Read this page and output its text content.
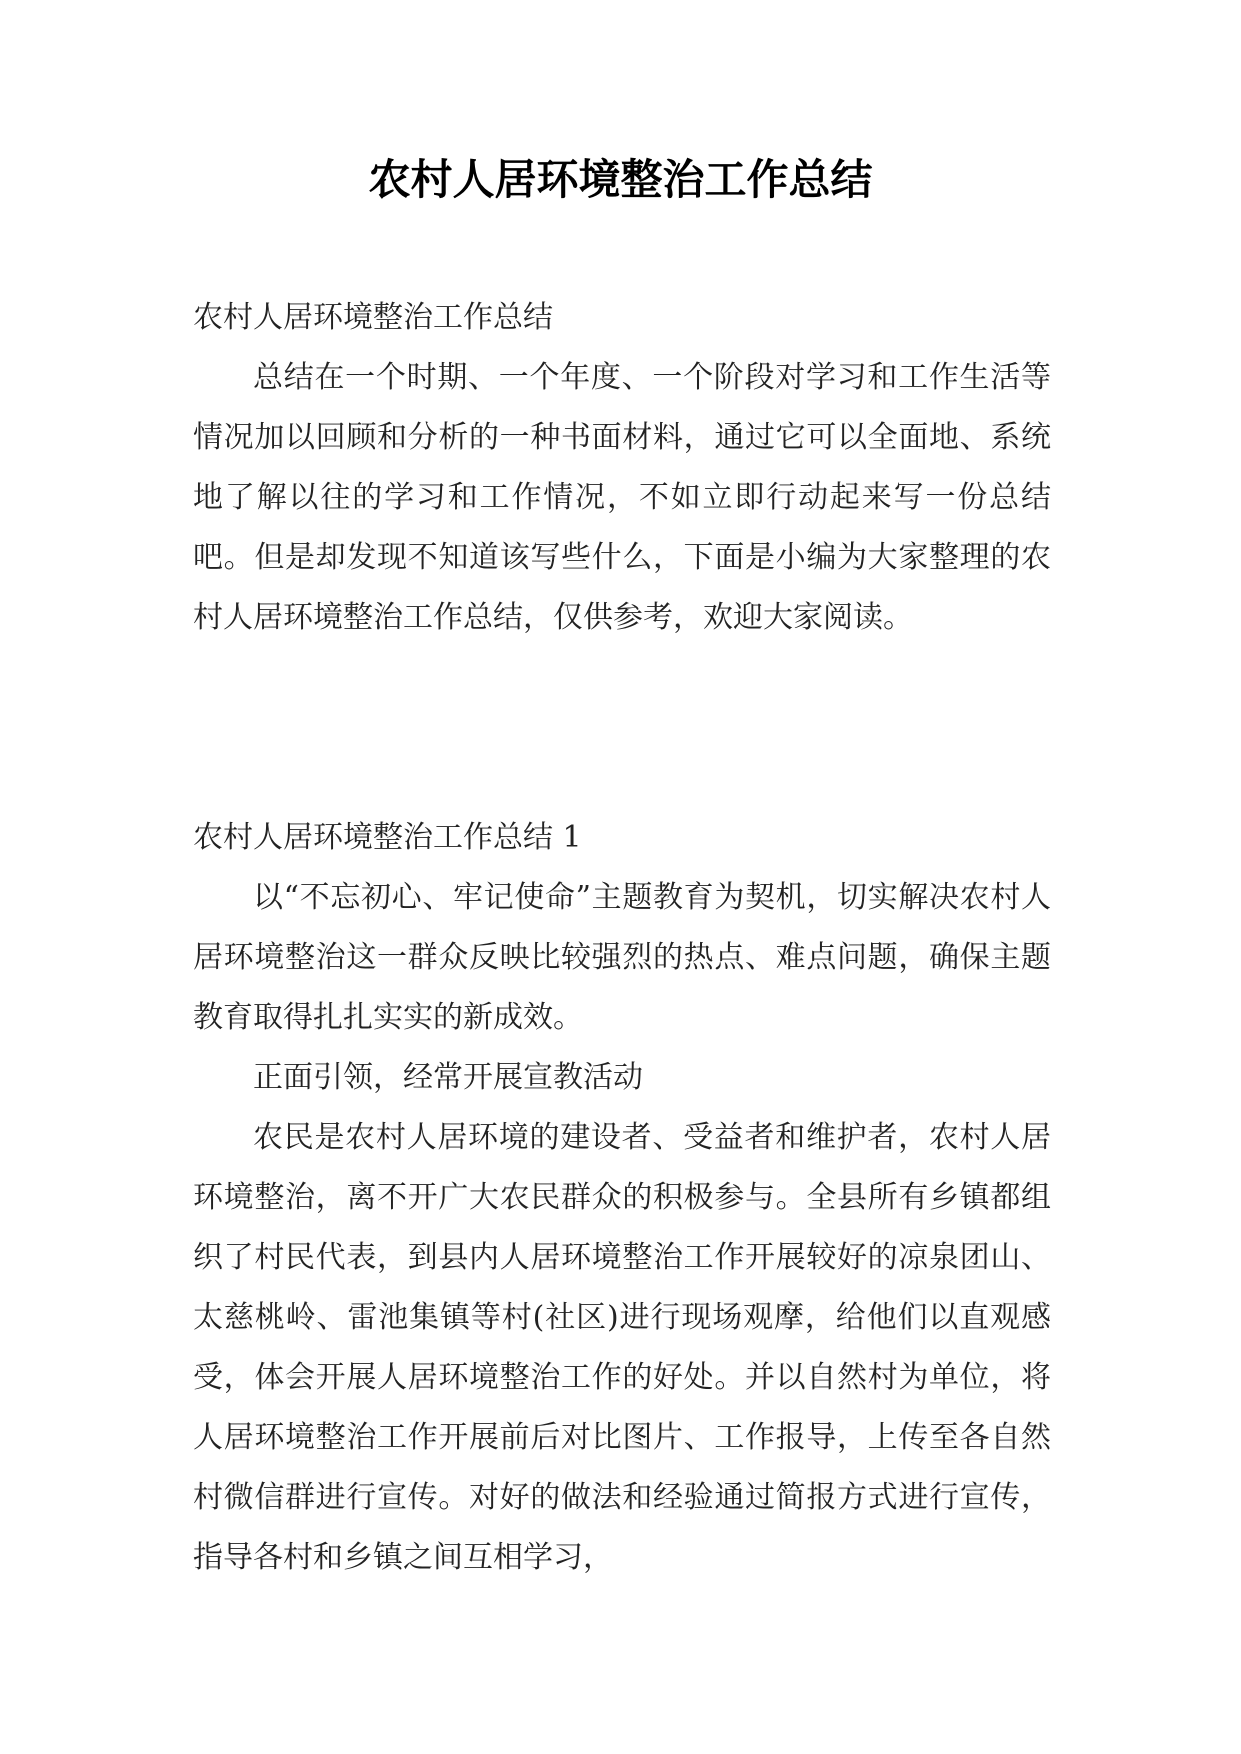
农村人居环境整治工作总结

农村人居环境整治工作总结

总结在一个时期、一个年度、一个阶段对学习和工作生活等情况加以回顾和分析的一种书面材料，通过它可以全面地、系统地了解以往的学习和工作情况，不如立即行动起来写一份总结吧。但是却发现不知道该写些什么，下面是小编为大家整理的农村人居环境整治工作总结，仅供参考，欢迎大家阅读。

农村人居环境整治工作总结 1

以“不忘初心、牢记使命”主题教育为契机，切实解决农村人居环境整治这一群众反映比较强烈的热点、难点问题，确保主题教育取得扎扎实实的新成效。

正面引领，经常开展宣教活动

农民是农村人居环境的建设者、受益者和维护者，农村人居环境整治，离不开广大农民群众的积极参与。全县所有乡镇都组织了村民代表，到县内人居环境整治工作开展较好的凉泉团山、太慈桃岭、雷池集镇等村(社区)进行现场观摩，给他们以直观感受，体会开展人居环境整治工作的好处。并以自然村为单位，将人居环境整治工作开展前后对比图片、工作报导，上传至各自然村微信群进行宣传。对好的做法和经验通过简报方式进行宣传，指导各村和乡镇之间互相学习，
